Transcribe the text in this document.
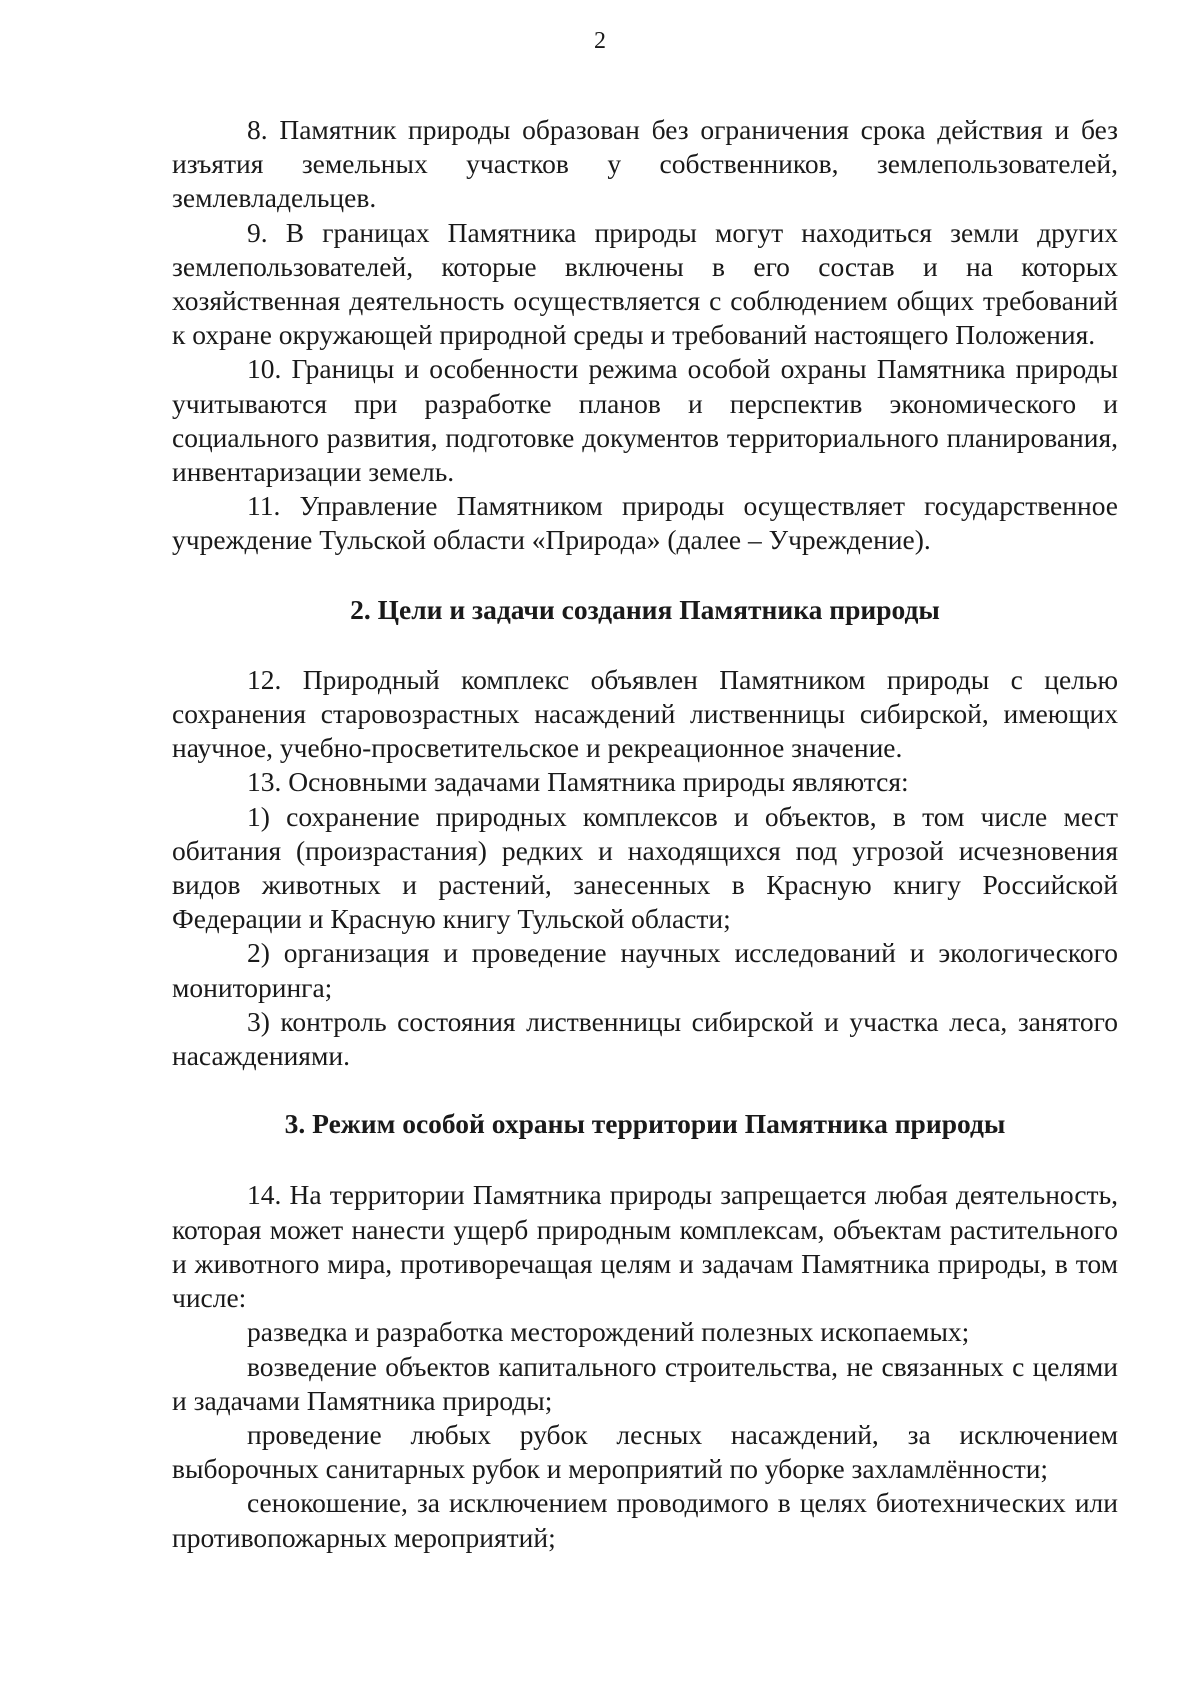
2

8. Памятник природы образован без ограничения срока действия и без изъятия земельных участков у собственников, землепользователей, землевладельцев.

9. В границах Памятника природы могут находиться земли других землепользователей, которые включены в его состав и на которых хозяйственная деятельность осуществляется с соблюдением общих требований к охране окружающей природной среды и требований настоящего Положения.

10. Границы и особенности режима особой охраны Памятника природы учитываются при разработке планов и перспектив экономического и социального развития, подготовке документов территориального планирования, инвентаризации земель.

11. Управление Памятником природы осуществляет государственное учреждение Тульской области «Природа» (далее – Учреждение).

2. Цели и задачи создания Памятника природы

12. Природный комплекс объявлен Памятником природы с целью сохранения старовозрастных насаждений лиственницы сибирской, имеющих научное, учебно-просветительское и рекреационное значение.

13. Основными задачами Памятника природы являются:

1) сохранение природных комплексов и объектов, в том числе мест обитания (произрастания) редких и находящихся под угрозой исчезновения видов животных и растений, занесенных в Красную книгу Российской Федерации и Красную книгу Тульской области;

2) организация и проведение научных исследований и экологического мониторинга;

3) контроль состояния лиственницы сибирской и участка леса, занятого насаждениями.

3. Режим особой охраны территории Памятника природы

14. На территории Памятника природы запрещается любая деятельность, которая может нанести ущерб природным комплексам, объектам растительного и животного мира, противоречащая целям и задачам Памятника природы, в том числе:

разведка и разработка месторождений полезных ископаемых;

возведение объектов капитального строительства, не связанных с целями и задачами Памятника природы;

проведение любых рубок лесных насаждений, за исключением выборочных санитарных рубок и мероприятий по уборке захламлённости;

сенокошение, за исключением проводимого в целях биотехнических или противопожарных мероприятий;
